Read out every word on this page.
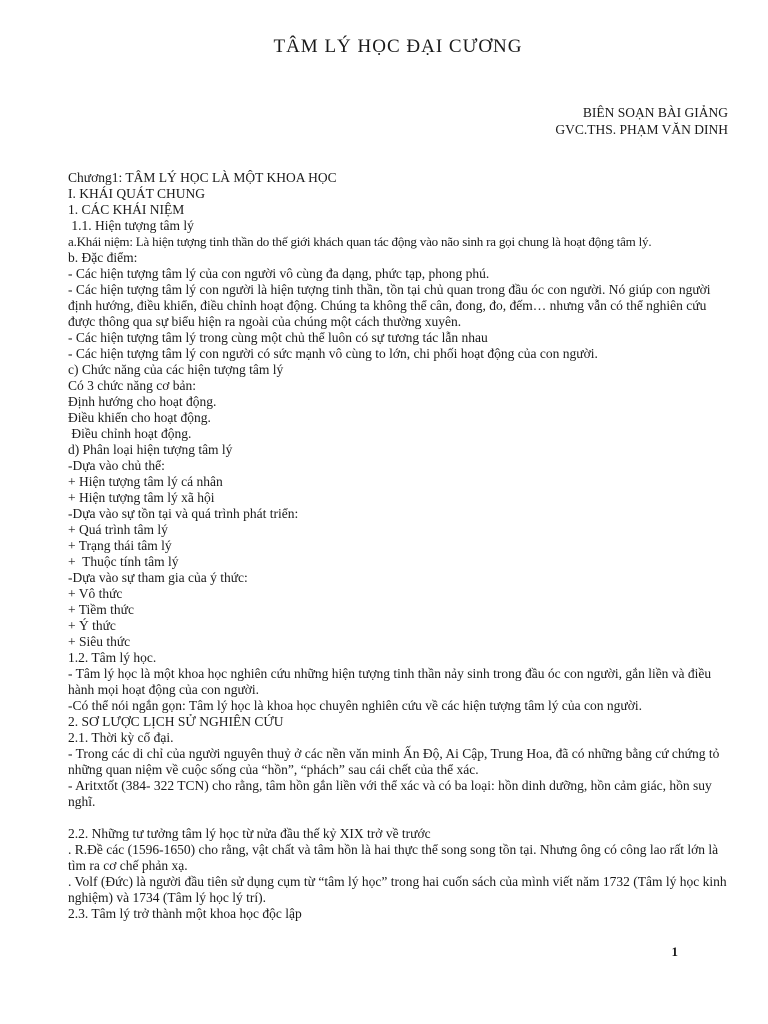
TÂM LÝ HỌC ĐẠI CƯƠNG
BIÊN SOẠN BÀI GIẢNG
GVC.THS. PHẠM VĂN DINH
Chương1: TÂM LÝ HỌC LÀ MỘT KHOA HỌC
I. KHÁI QUÁT CHUNG
1. CÁC KHÁI NIỆM
1.1. Hiện tượng tâm lý
a.Khái niệm: Là hiện tượng tinh thần do thế giới khách quan tác động vào não sinh ra gọi chung là hoạt động tâm lý.
b. Đặc điểm:
- Các hiện tượng tâm lý của con người vô cùng đa dạng, phức tạp, phong phú.
- Các hiện tượng tâm lý con người là hiện tượng tinh thần, tồn tại chủ quan trong đầu óc con người. Nó giúp con người định hướng, điều khiển, điều chỉnh hoạt động. Chúng ta không thể cân, đong, đo, đếm… nhưng vẫn có thể nghiên cứu được thông qua sự biểu hiện ra ngoài của chúng một cách thường xuyên.
- Các hiện tượng tâm lý trong cùng một chủ thể luôn có sự tương tác lẫn nhau
- Các hiện tượng tâm lý con người có sức mạnh vô cùng to lớn, chi phối hoạt động của con người.
c) Chức năng của các hiện tượng tâm lý
Có 3 chức năng cơ bản:
Định hướng cho hoạt động.
Điều khiển cho hoạt động.
Điều chỉnh hoạt động.
d) Phân loại hiện tượng tâm lý
-Dựa vào chủ thể:
+ Hiện tượng tâm lý cá nhân
+ Hiện tượng tâm lý xã hội
-Dựa vào sự tồn tại và quá trình phát triển:
+ Quá trình tâm lý
+ Trạng thái tâm lý
+  Thuộc tính tâm lý
-Dựa vào sự tham gia của ý thức:
+ Vô thức
+ Tiềm thức
+ Ý thức
+ Siêu thức
1.2. Tâm lý học.
- Tâm lý học là một khoa học nghiên cứu những hiện tượng tinh thần nảy sinh trong đầu óc con người, gắn liền và điều hành mọi hoạt động của con người.
-Có thể nói ngắn gọn: Tâm lý học là khoa học chuyên nghiên cứu về các hiện tượng tâm lý của con người.
2. SƠ LƯỢC LỊCH SỬ NGHIÊN CỨU
2.1. Thời kỳ cổ đại.
- Trong các di chỉ của người nguyên thuỷ ở các nền văn minh Ấn Độ, Ai Cập, Trung Hoa, đã có những bằng cứ chứng tỏ những quan niệm về cuộc sống của “hồn”, “phách” sau cái chết của thể xác.
- Aritxtốt (384- 322 TCN) cho rằng, tâm hồn gắn liền với thể xác và có ba loại: hồn dinh dưỡng, hồn cảm giác, hồn suy nghĩ.
2.2. Những tư tưởng tâm lý học từ nửa đầu thế kỷ XIX trở về trước
. R.Đề các (1596-1650) cho rằng, vật chất và tâm hồn là hai thực thể song song tồn tại. Nhưng ông có công lao rất lớn là tìm ra cơ chế phản xạ.
. Volf (Đức) là người đầu tiên sử dụng cụm từ “tâm lý học” trong hai cuốn sách của mình viết năm 1732 (Tâm lý học kinh nghiệm) và 1734 (Tâm lý học lý trí).
2.3. Tâm lý trở thành một khoa học độc lập
1
